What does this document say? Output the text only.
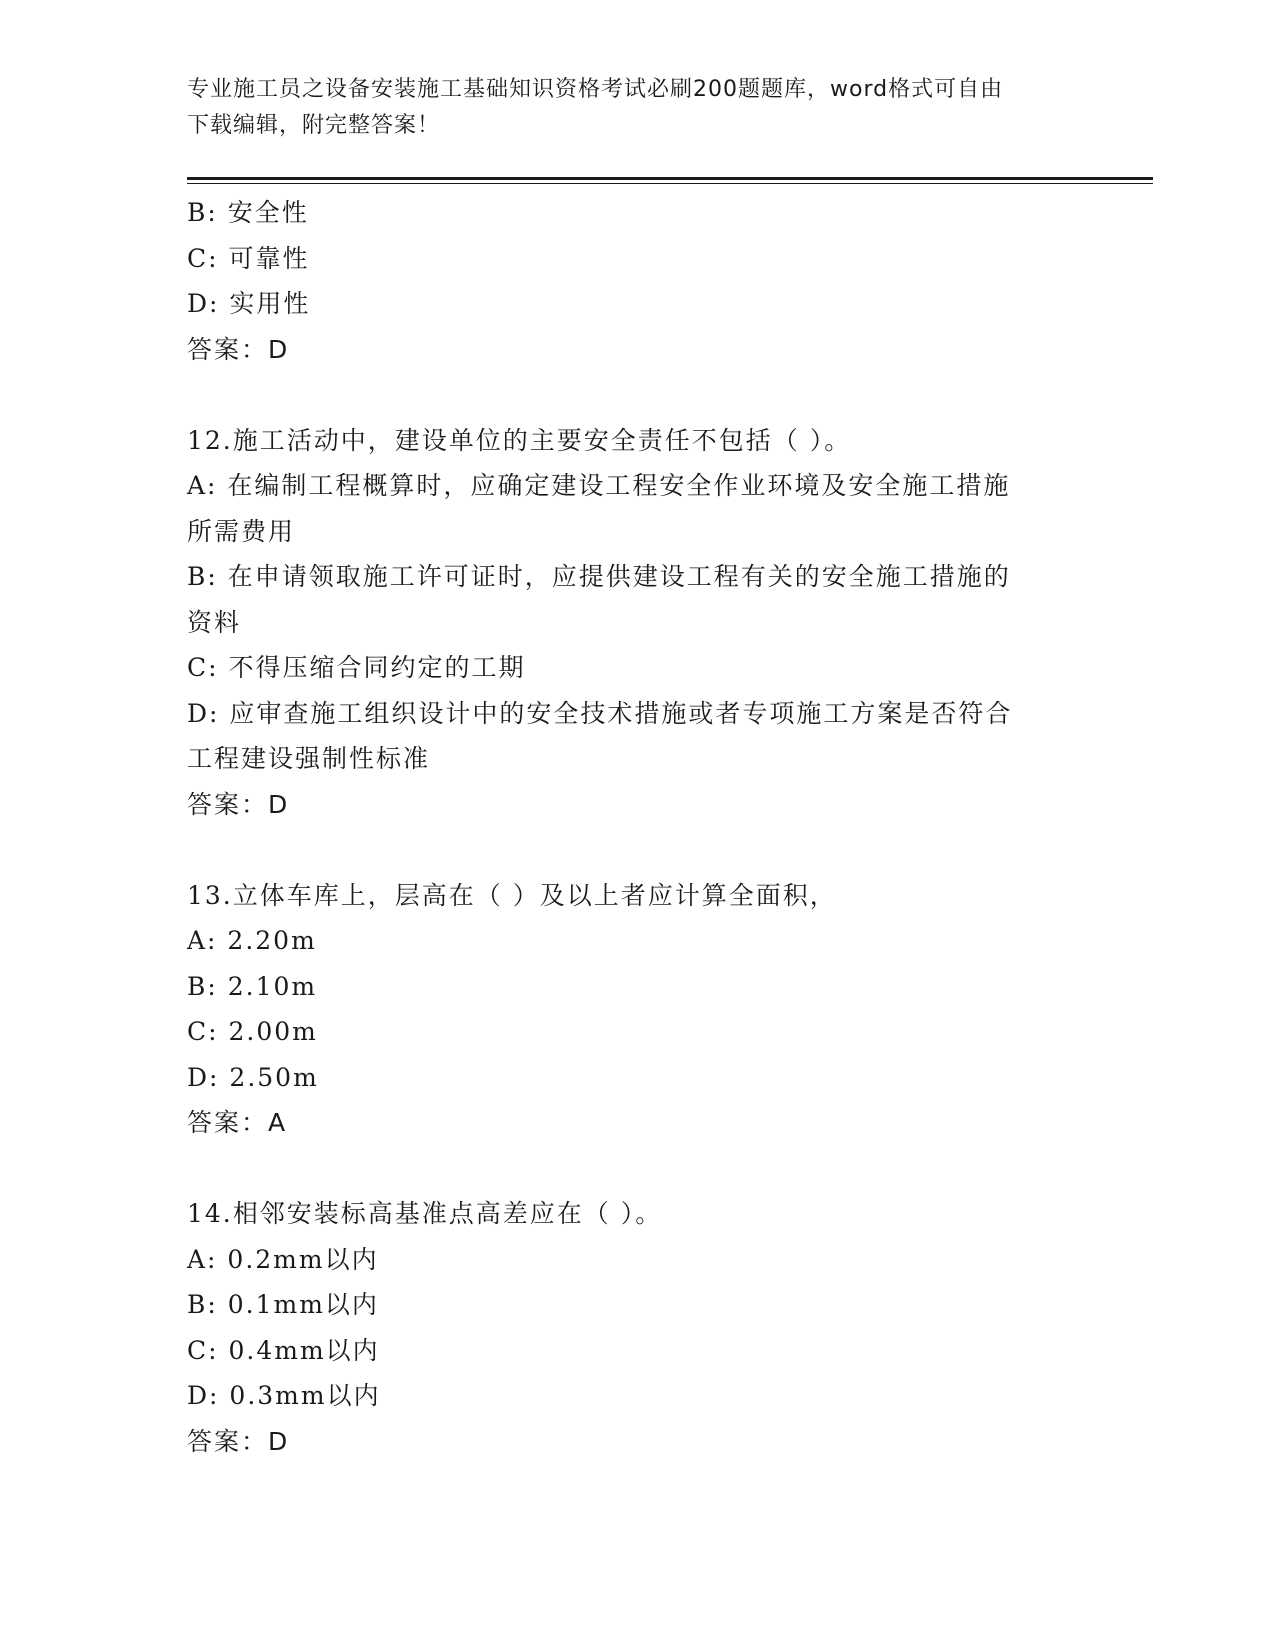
专业施工员之设备安装施工基础知识资格考试必刷200题题库，word格式可自由
下载编辑，附完整答案！
B: 安全性
C: 可靠性
D: 实用性
答案：D
12.施工活动中，建设单位的主要安全责任不包括（ ）。
A: 在编制工程概算时，应确定建设工程安全作业环境及安全施工措施
所需费用
B: 在申请领取施工许可证时，应提供建设工程有关的安全施工措施的
资料
C: 不得压缩合同约定的工期
D: 应审查施工组织设计中的安全技术措施或者专项施工方案是否符合
工程建设强制性标准
答案：D
13.立体车库上，层高在（ ）及以上者应计算全面积，
A: 2.20m
B: 2.10m
C: 2.00m
D: 2.50m
答案：A
14.相邻安装标高基准点高差应在（ ）。
A: 0.2mm以内
B: 0.1mm以内
C: 0.4mm以内
D: 0.3mm以内
答案：D
